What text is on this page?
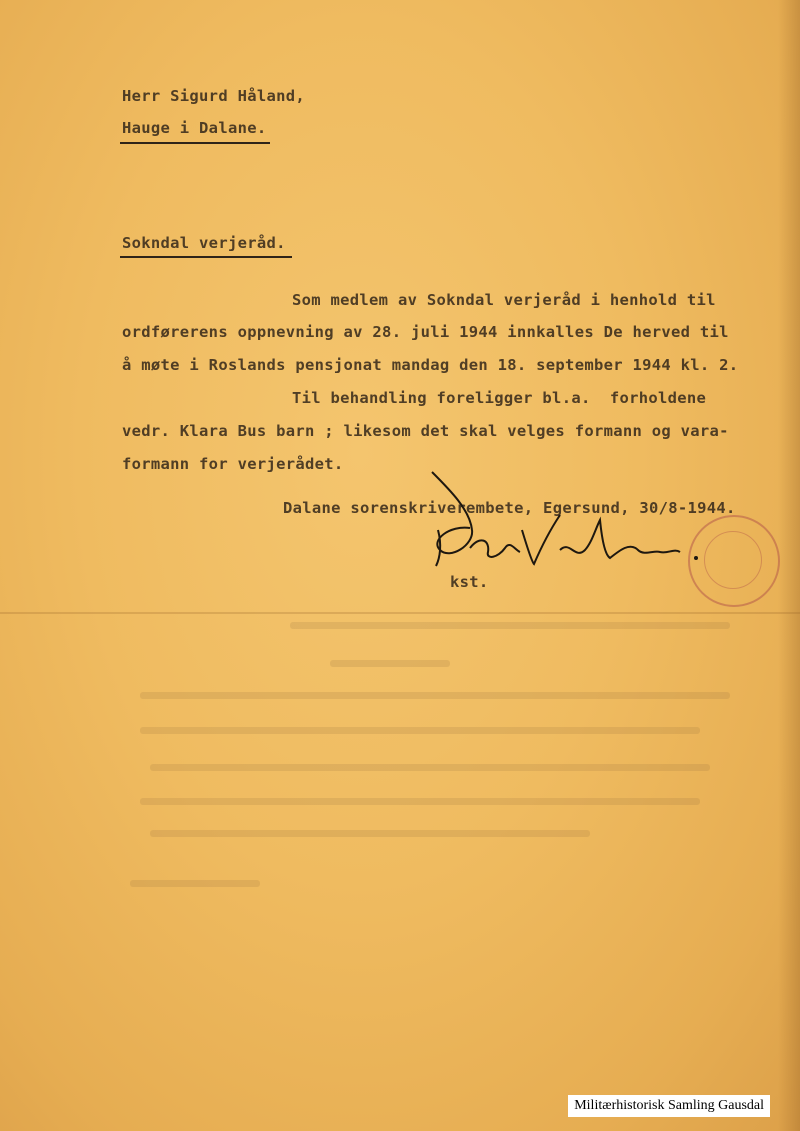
Herr Sigurd Håland,
Hauge i Dalane.
Sokndal verjeråd.
Som medlem av Sokndal verjeråd i henhold til
ordførerens oppnevning av 28. juli 1944 innkalles De herved til
å møte i Roslands pensjonat mandag den 18. september 1944 kl. 2.
Til behandling foreligger bl.a.  forholdene
vedr. Klara Bus barn ; likesom det skal velges formann og vara-
formann for verjerådet.
Dalane sorenskriverembete, Egersund, 30/8-1944.
kst.
Militærhistorisk Samling Gausdal
